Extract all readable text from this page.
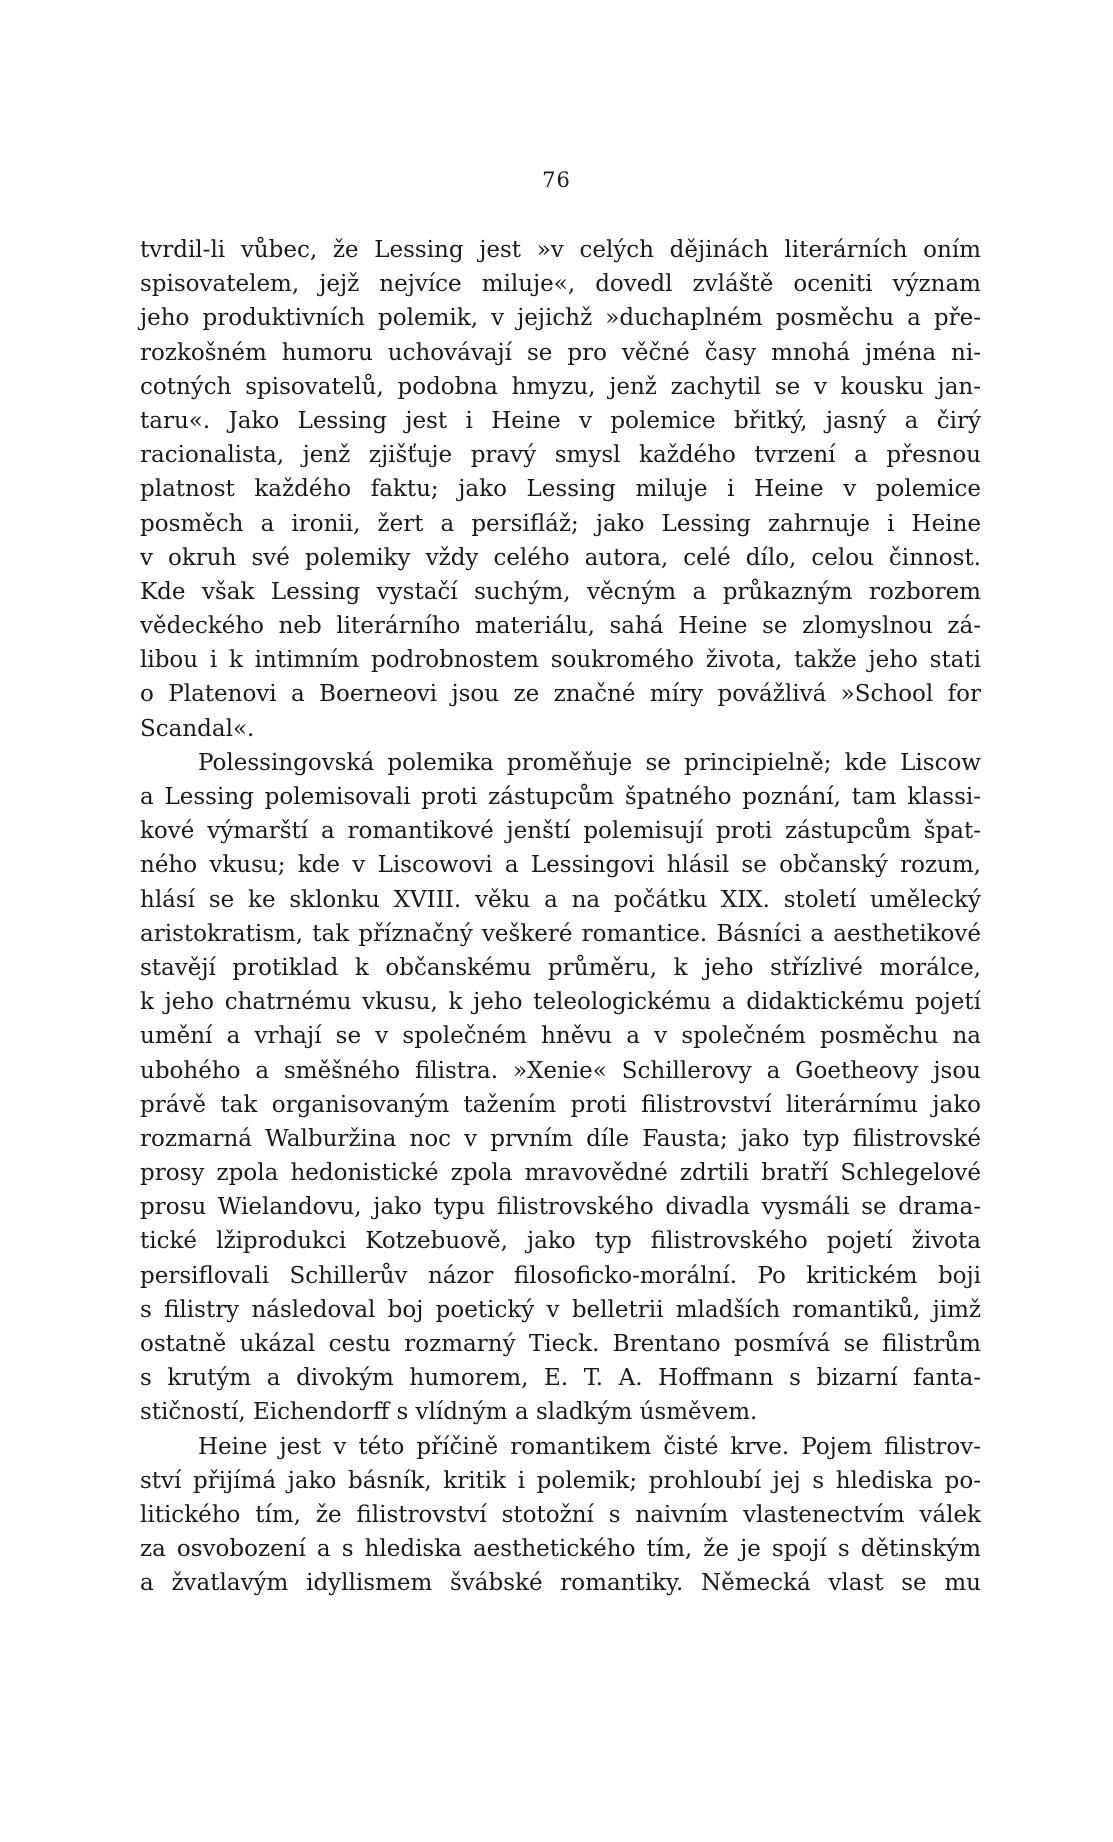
76
tvrdil-li vůbec, že Lessing jest »v celých dějinách literárních oním
spisovatelem, jejž nejvíce miluje«, dovedl zvláště oceniti význam
jeho produktivních polemik, v jejichž »duchaplném posměchu a pře-
rozkošném humoru uchovávají se pro věčné časy mnohá jména ni-
cotných spisovatelů, podobna hmyzu, jenž zachytil se v kousku jan-
taru«. Jako Lessing jest i Heine v polemice břitký, jasný a čirý
racionalista, jenž zjišťuje pravý smysl každého tvrzení a přesnou
platnost každého faktu; jako Lessing miluje i Heine v polemice
posměch a ironii, žert a persifláž; jako Lessing zahrnuje i Heine
v okruh své polemiky vždy celého autora, celé dílo, celou činnost.
Kde však Lessing vystačí suchým, věcným a průkazným rozborem
vědeckého neb literárního materiálu, sahá Heine se zlomyslnou zá-
libou i k intimním podrobnostem soukromého života, takže jeho stati
o Platenovi a Boerneovi jsou ze značné míry povážlivá »School for
Scandal«.
Polessingovská polemika proměňuje se principielně; kde Liscow
a Lessing polemisovali proti zástupcům špatného poznání, tam klassi-
kové výmarští a romantikové jenští polemisují proti zástupcům špat-
ného vkusu; kde v Liscowovi a Lessingovi hlásil se občanský rozum,
hlásí se ke sklonku XVIII. věku a na počátku XIX. století umělecký
aristokratism, tak příznačný veškeré romantice. Básníci a aesthetikové
stavějí protiklad k občanskému průměru, k jeho střízlivé morálce,
k jeho chatrnému vkusu, k jeho teleologickému a didaktickému pojetí
umění a vrhají se v společném hněvu a v společném posměchu na
ubohého a směšného filistra. »Xenie« Schillerovy a Goetheovy jsou
právě tak organisovaným tažením proti filistrovství literárnímu jako
rozmarná Walburžina noc v prvním díle Fausta; jako typ filistrovské
prosy zpola hedonistické zpola mravovědné zdrtili bratří Schlegelové
prosu Wielandovu, jako typu filistrovského divadla vysmáli se drama-
tické lžiprodukci Kotzebuově, jako typ filistrovského pojetí života
persiflovali Schillerův názor filosoficko-morální. Po kritickém boji
s filistry následoval boj poetický v belletrii mladších romantiků, jimž
ostatně ukázal cestu rozmarný Tieck. Brentano posmívá se filistrům
s krutým a divokým humorem, E. T. A. Hoffmann s bizarní fanta-
stičností, Eichendorff s vlídným a sladkým úsměvem.
Heine jest v této příčině romantikem čisté krve. Pojem filistrov-
ství přijímá jako básník, kritik i polemik; prohloubí jej s hlediska po-
litického tím, že filistrovství stotožní s naivním vlastenectvím válek
za osvobození a s hlediska aesthetického tím, že je spojí s dětinským
a žvatlavým idyllismem švábské romantiky. Německá vlast se mu
